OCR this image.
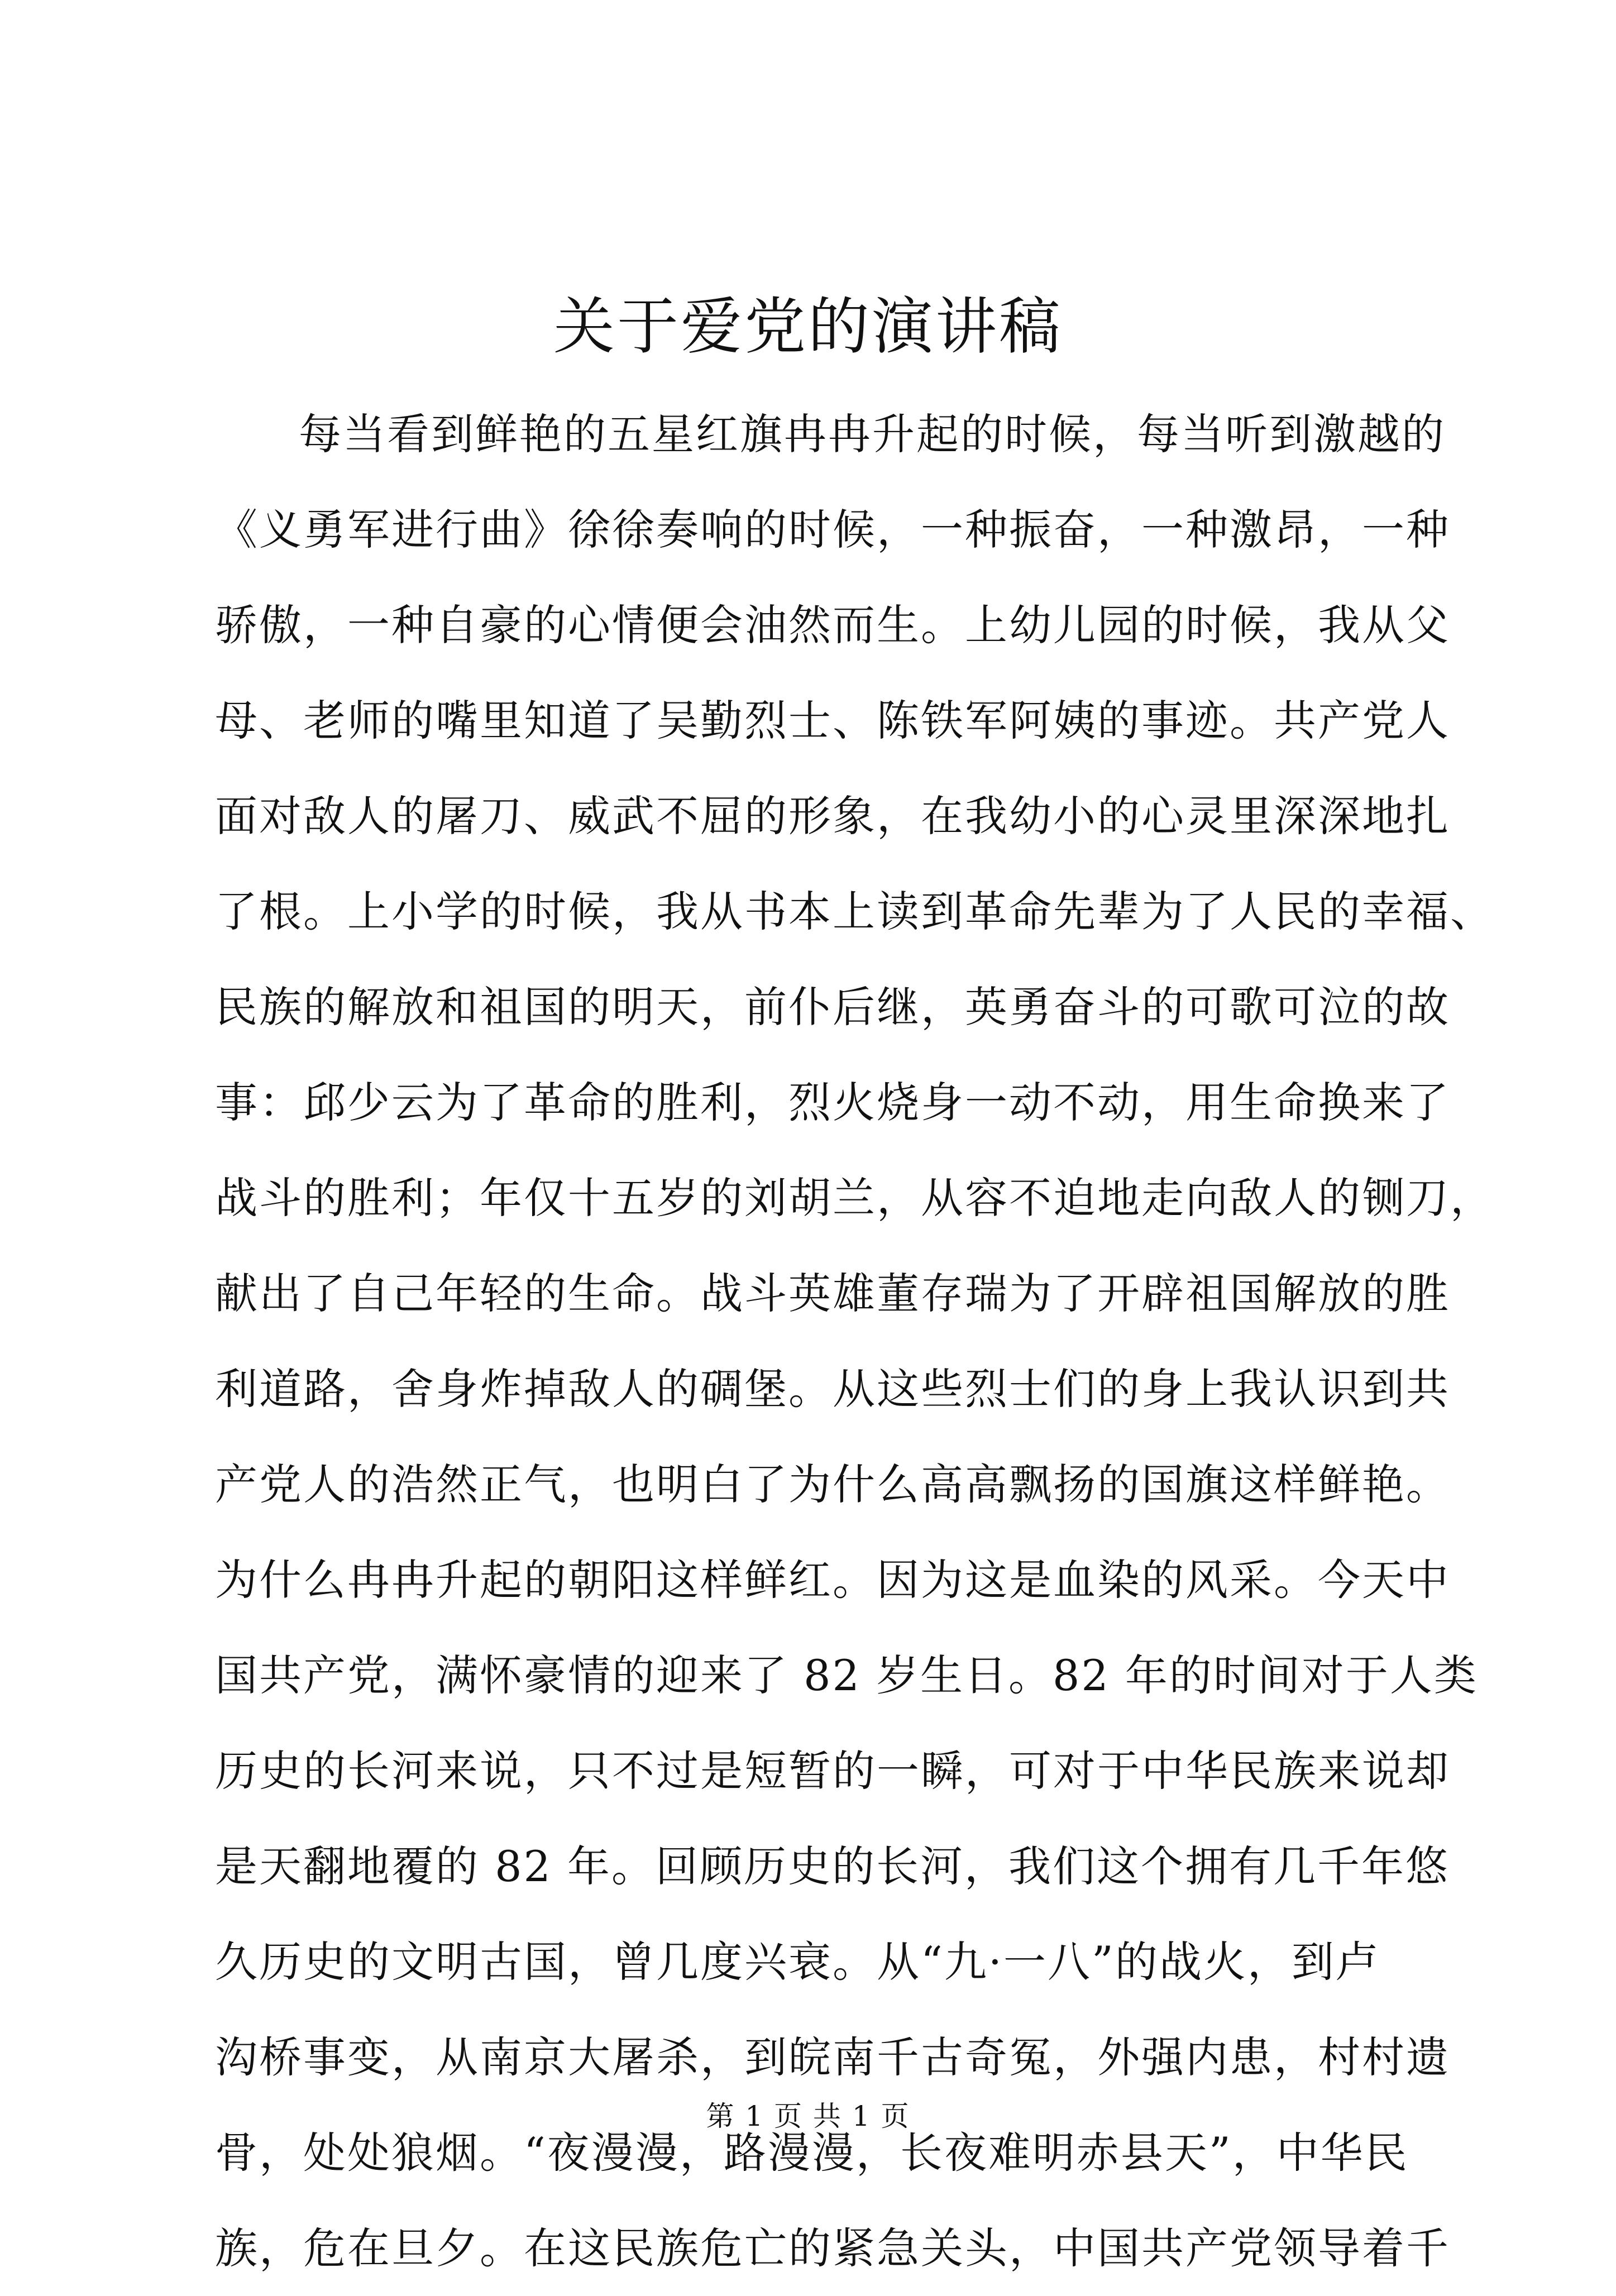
关于爱党的演讲稿
每当看到鲜艳的五星红旗冉冉升起的时候，每当听到激越的
《义勇军进行曲》徐徐奏响的时候，一种振奋，一种激昂，一种
骄傲，一种自豪的心情便会油然而生。上幼儿园的时候，我从父
母、老师的嘴里知道了吴勤烈士、陈铁军阿姨的事迹。共产党人
面对敌人的屠刀、威武不屈的形象，在我幼小的心灵里深深地扎
了根。上小学的时候，我从书本上读到革命先辈为了人民的幸福、
民族的解放和祖国的明天，前仆后继，英勇奋斗的可歌可泣的故
事：邱少云为了革命的胜利，烈火烧身一动不动，用生命换来了
战斗的胜利；年仅十五岁的刘胡兰，从容不迫地走向敌人的铡刀，
献出了自己年轻的生命。战斗英雄董存瑞为了开辟祖国解放的胜
利道路，舍身炸掉敌人的碉堡。从这些烈士们的身上我认识到共
产党人的浩然正气，也明白了为什么高高飘扬的国旗这样鲜艳。
为什么冉冉升起的朝阳这样鲜红。因为这是血染的风采。今天中
国共产党，满怀豪情的迎来了 82 岁生日。82 年的时间对于人类
历史的长河来说，只不过是短暂的一瞬，可对于中华民族来说却
是天翻地覆的 82 年。回顾历史的长河，我们这个拥有几千年悠
久历史的文明古国，曾几度兴衰。从“九·一八”的战火，到卢
沟桥事变，从南京大屠杀，到皖南千古奇冤，外强内患，村村遗
骨，处处狼烟。“夜漫漫，路漫漫，长夜难明赤县天”，中华民
族，危在旦夕。在这民族危亡的紧急关头，中国共产党领导着千
第 1 页 共 1 页
